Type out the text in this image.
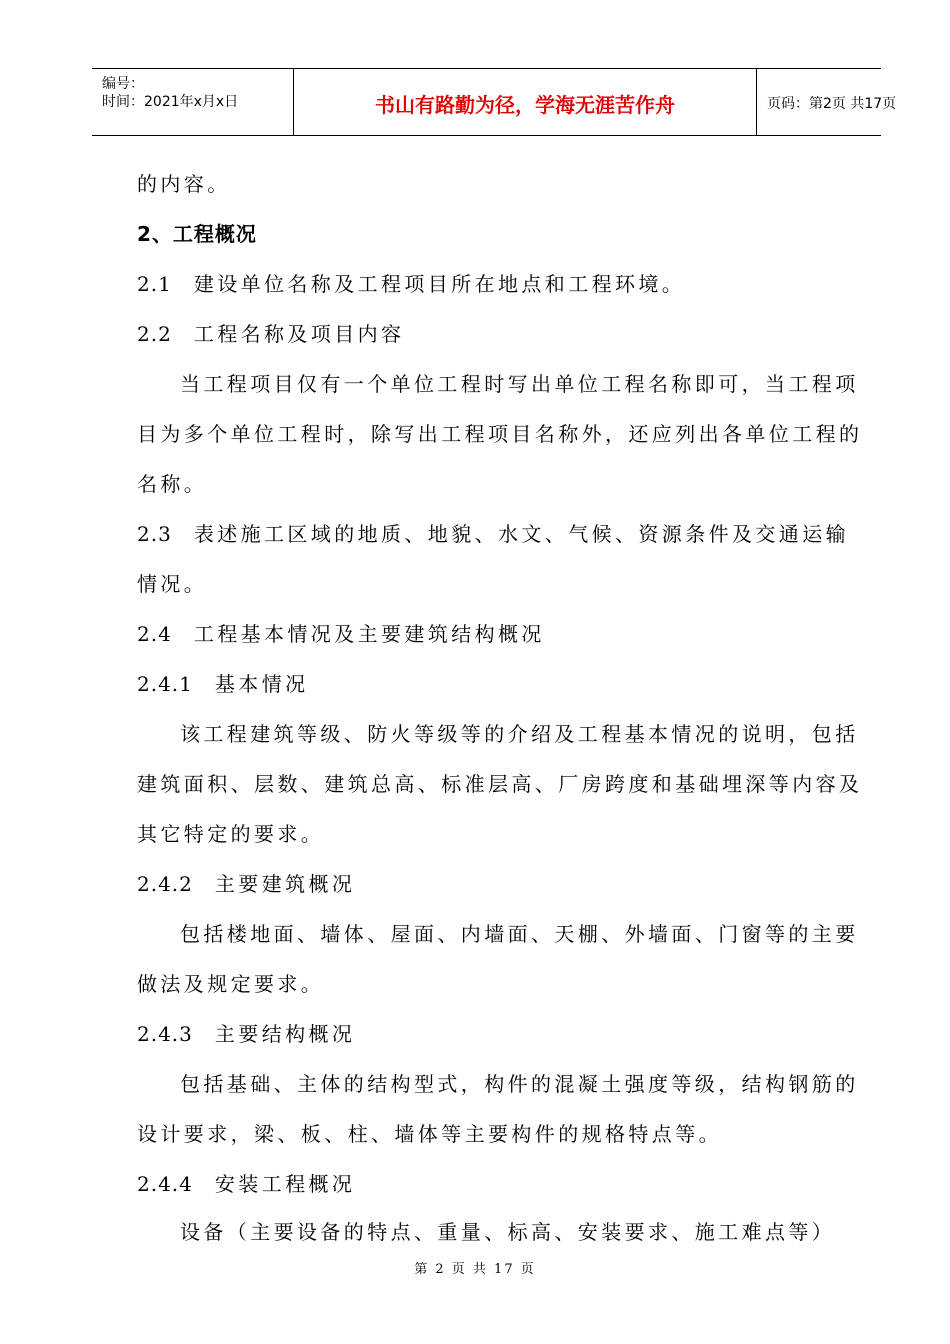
编号：
时间：2021年x月x日	书山有路勤为径，学海无涯苦作舟	页码：第2页 共17页
的内容。
2、工程概况
2.1 建设单位名称及工程项目所在地点和工程环境。
2.2 工程名称及项目内容
当工程项目仅有一个单位工程时写出单位工程名称即可，当工程项
目为多个单位工程时，除写出工程项目名称外，还应列出各单位工程的
名称。
2.3 表述施工区域的地质、地貌、水文、气候、资源条件及交通运输
情况。
2.4 工程基本情况及主要建筑结构概况
2.4.1 基本情况
该工程建筑等级、防火等级等的介绍及工程基本情况的说明，包括
建筑面积、层数、建筑总高、标准层高、厂房跨度和基础埋深等内容及
其它特定的要求。
2.4.2 主要建筑概况
包括楼地面、墙体、屋面、内墙面、天棚、外墙面、门窗等的主要
做法及规定要求。
2.4.3 主要结构概况
包括基础、主体的结构型式，构件的混凝土强度等级，结构钢筋的
设计要求，梁、板、柱、墙体等主要构件的规格特点等。
2.4.4 安装工程概况
设备（主要设备的特点、重量、标高、安装要求、施工难点等）
第 2 页 共 17 页
